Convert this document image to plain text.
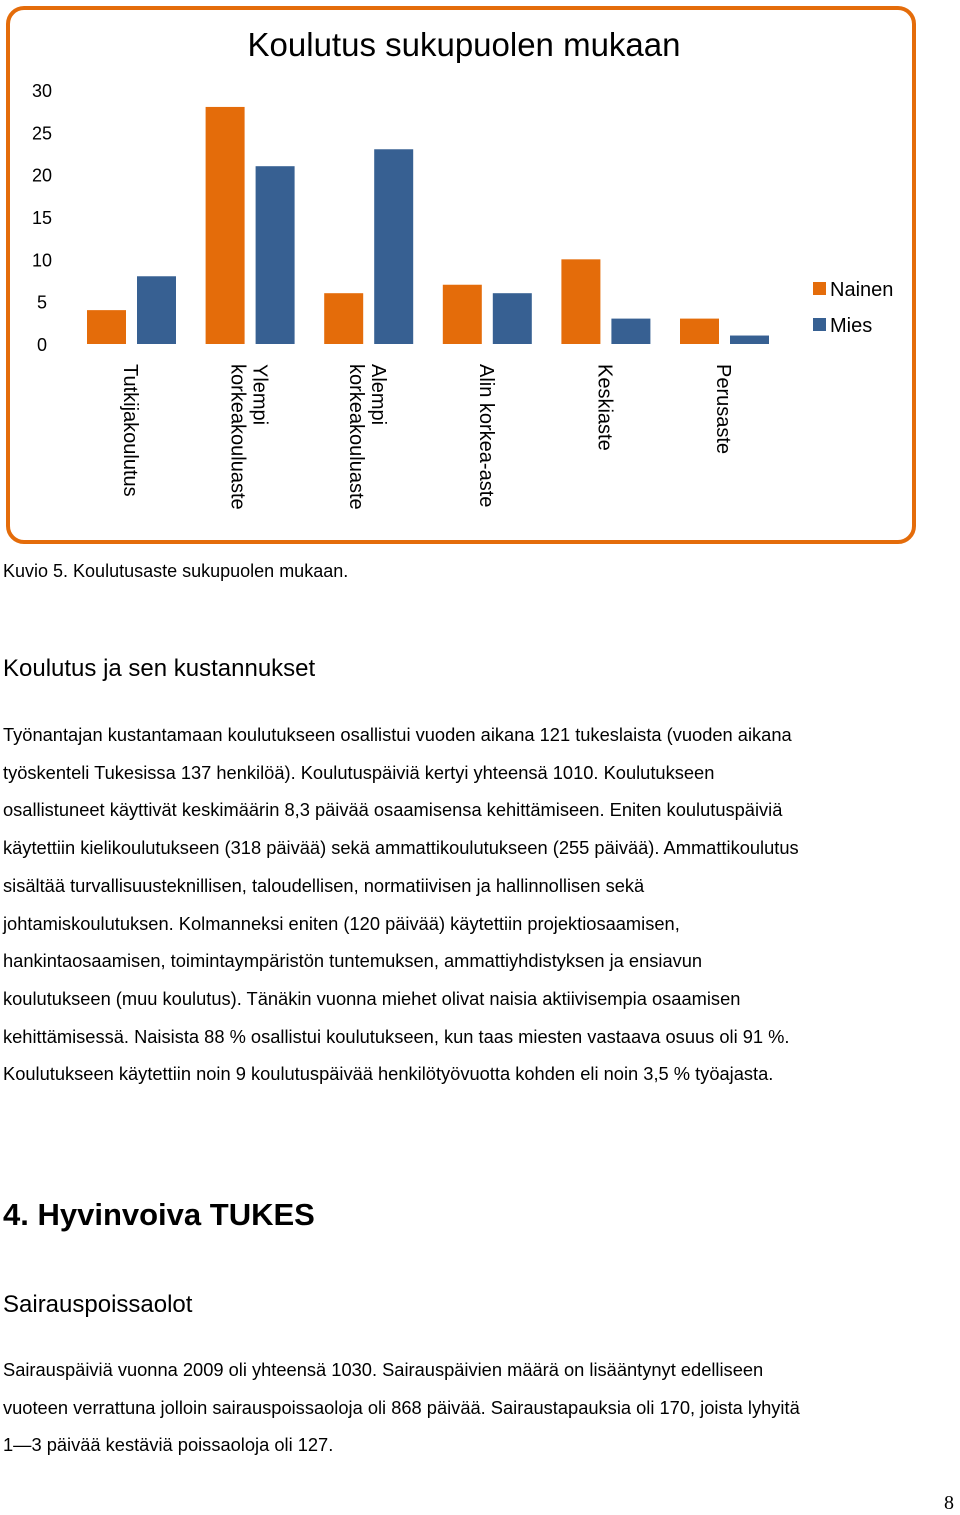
Koulutus sukupuolen mukaan
0
5
10
15
20
25
30
Tutkijakoulutus	Ylempi
korkeakouluaste	Alempi
korkeakouluaste	Alin korkea-aste	Keskiaste	Perusaste
Nainen
Mies
Kuvio 5. Koulutusaste sukupuolen mukaan.
Koulutus ja sen kustannukset
Työnantajan kustantamaan koulutukseen osallistui vuoden aikana 121 tukeslaista (vuoden aikana
työskenteli Tukesissa 137 henkilöä). Koulutuspäiviä kertyi yhteensä 1010. Koulutukseen
osallistuneet käyttivät keskimäärin 8,3 päivää osaamisensa kehittämiseen. Eniten koulutuspäiviä
käytettiin kielikoulutukseen (318 päivää) sekä ammattikoulutukseen (255 päivää). Ammattikoulutus
sisältää turvallisuusteknillisen, taloudellisen, normatiivisen ja hallinnollisen sekä
johtamiskoulutuksen. Kolmanneksi eniten (120 päivää) käytettiin projektiosaamisen,
hankintaosaamisen, toimintaympäristön tuntemuksen, ammattiyhdistyksen ja ensiavun
koulutukseen (muu koulutus). Tänäkin vuonna miehet olivat naisia aktiivisempia osaamisen
kehittämisessä. Naisista 88 % osallistui koulutukseen, kun taas miesten vastaava osuus oli 91 %.
Koulutukseen käytettiin noin 9 koulutuspäivää henkilötyövuotta kohden eli noin 3,5 % työajasta.
4. Hyvinvoiva TUKES
Sairauspoissaolot
Sairauspäiviä vuonna 2009 oli yhteensä 1030. Sairauspäivien määrä on lisääntynyt edelliseen
vuoteen verrattuna jolloin sairauspoissaoloja oli 868 päivää. Sairaustapauksia oli 170, joista lyhyitä
1—3 päivää kestäviä poissaoloja oli 127.
8
